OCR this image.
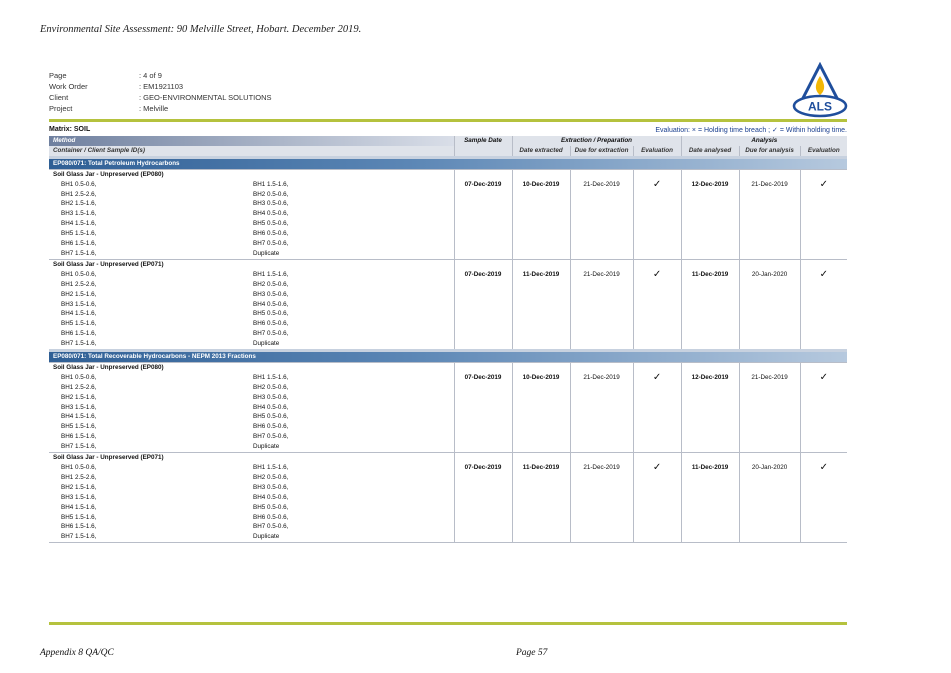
Environmental Site Assessment: 90 Melville Street, Hobart. December 2019.
Page	: 4 of 9
Work Order	: EM1921103
Client	: GEO-ENVIRONMENTAL SOLUTIONS
Project	: Melville	ALS
Matrix: SOIL	Evaluation: × = Holding time breach ; ✓ = Within holding time.
Method		Sample Date	Extraction / Preparation			Analysis		
Container / Client Sample ID(s)			Date extracted	Due for extraction	Evaluation	Date analysed	Due for analysis	Evaluation
EP080/071: Total Petroleum Hydrocarbons								
Soil Glass Jar - Unpreserved (EP080)								
BH1 0.5-0.6,	BH1 1.5-1.6,	07-Dec-2019	10-Dec-2019	21-Dec-2019	✓	12-Dec-2019	21-Dec-2019	✓
BH1 2.5-2.6,	BH2 0.5-0.6,							
BH2 1.5-1.6,	BH3 0.5-0.6,							
BH3 1.5-1.6,	BH4 0.5-0.6,							
BH4 1.5-1.6,	BH5 0.5-0.6,							
BH5 1.5-1.6,	BH6 0.5-0.6,							
BH6 1.5-1.6,	BH7 0.5-0.6,							
BH7 1.5-1.6,	Duplicate							
Soil Glass Jar - Unpreserved (EP071)								
BH1 0.5-0.6,	BH1 1.5-1.6,	07-Dec-2019	11-Dec-2019	21-Dec-2019	✓	11-Dec-2019	20-Jan-2020	✓
BH1 2.5-2.6,	BH2 0.5-0.6,							
BH2 1.5-1.6,	BH3 0.5-0.6,							
BH3 1.5-1.6,	BH4 0.5-0.6,							
BH4 1.5-1.6,	BH5 0.5-0.6,							
BH5 1.5-1.6,	BH6 0.5-0.6,							
BH6 1.5-1.6,	BH7 0.5-0.6,							
BH7 1.5-1.6,	Duplicate							
EP080/071: Total Recoverable Hydrocarbons - NEPM 2013 Fractions								
Soil Glass Jar - Unpreserved (EP080)								
BH1 0.5-0.6,	BH1 1.5-1.6,	07-Dec-2019	10-Dec-2019	21-Dec-2019	✓	12-Dec-2019	21-Dec-2019	✓
BH1 2.5-2.6,	BH2 0.5-0.6,							
BH2 1.5-1.6,	BH3 0.5-0.6,							
BH3 1.5-1.6,	BH4 0.5-0.6,							
BH4 1.5-1.6,	BH5 0.5-0.6,							
BH5 1.5-1.6,	BH6 0.5-0.6,							
BH6 1.5-1.6,	BH7 0.5-0.6,							
BH7 1.5-1.6,	Duplicate							
Soil Glass Jar - Unpreserved (EP071)								
BH1 0.5-0.6,	BH1 1.5-1.6,	07-Dec-2019	11-Dec-2019	21-Dec-2019	✓	11-Dec-2019	20-Jan-2020	✓
BH1 2.5-2.6,	BH2 0.5-0.6,							
BH2 1.5-1.6,	BH3 0.5-0.6,							
BH3 1.5-1.6,	BH4 0.5-0.6,							
BH4 1.5-1.6,	BH5 0.5-0.6,							
BH5 1.5-1.6,	BH6 0.5-0.6,							
BH6 1.5-1.6,	BH7 0.5-0.6,							
BH7 1.5-1.6,	Duplicate							
Appendix 8 QA/QC	Page 57
